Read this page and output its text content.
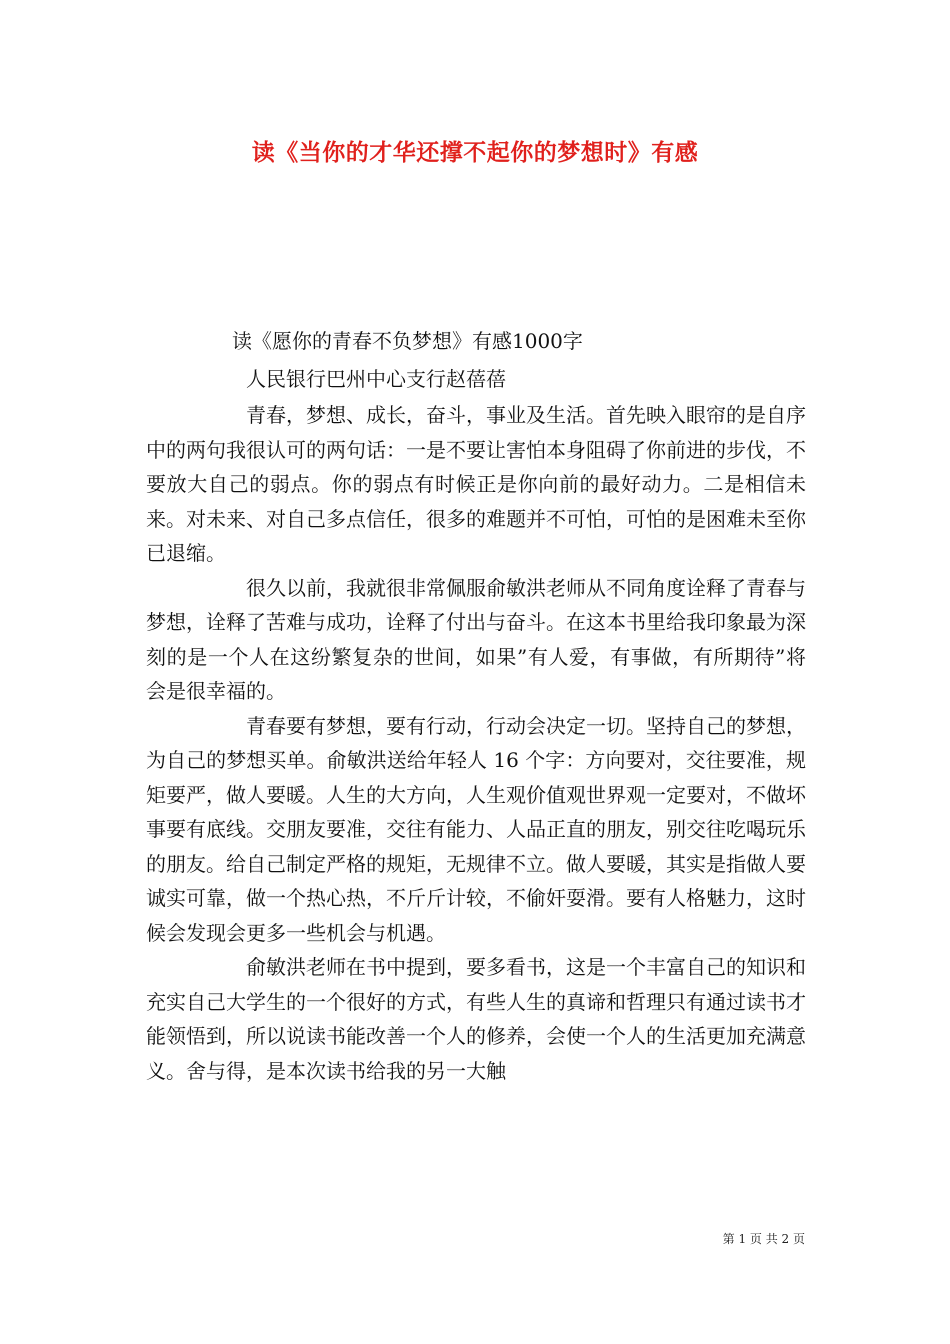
读《当你的才华还撑不起你的梦想时》有感

读《愿你的青春不负梦想》有感1000字

人民银行巴州中心支行赵蓓蓓

青春，梦想、成长，奋斗，事业及生活。首先映入眼帘的是自序中的两句我很认可的两句话：一是不要让害怕本身阻碍了你前进的步伐，不要放大自己的弱点。你的弱点有时候正是你向前的最好动力。二是相信未来。对未来、对自己多点信任，很多的难题并不可怕，可怕的是困难未至你已退缩。

很久以前，我就很非常佩服俞敏洪老师从不同角度诠释了青春与梦想，诠释了苦难与成功，诠释了付出与奋斗。在这本书里给我印象最为深刻的是一个人在这纷繁复杂的世间，如果”有人爱，有事做，有所期待”将会是很幸福的。

青春要有梦想，要有行动，行动会决定一切。坚持自己的梦想，为自己的梦想买单。俞敏洪送给年轻人 16 个字：方向要对，交往要准，规矩要严，做人要暖。人生的大方向，人生观价值观世界观一定要对，不做坏事要有底线。交朋友要准，交往有能力、人品正直的朋友，别交往吃喝玩乐的朋友。给自己制定严格的规矩，无规律不立。做人要暖，其实是指做人要诚实可靠，做一个热心热，不斤斤计较，不偷奸耍滑。要有人格魅力，这时候会发现会更多一些机会与机遇。

俞敏洪老师在书中提到，要多看书，这是一个丰富自己的知识和充实自己大学生的一个很好的方式，有些人生的真谛和哲理只有通过读书才能领悟到，所以说读书能改善一个人的修养，会使一个人的生活更加充满意义。舍与得，是本次读书给我的另一大触

第 1 页 共 2 页
